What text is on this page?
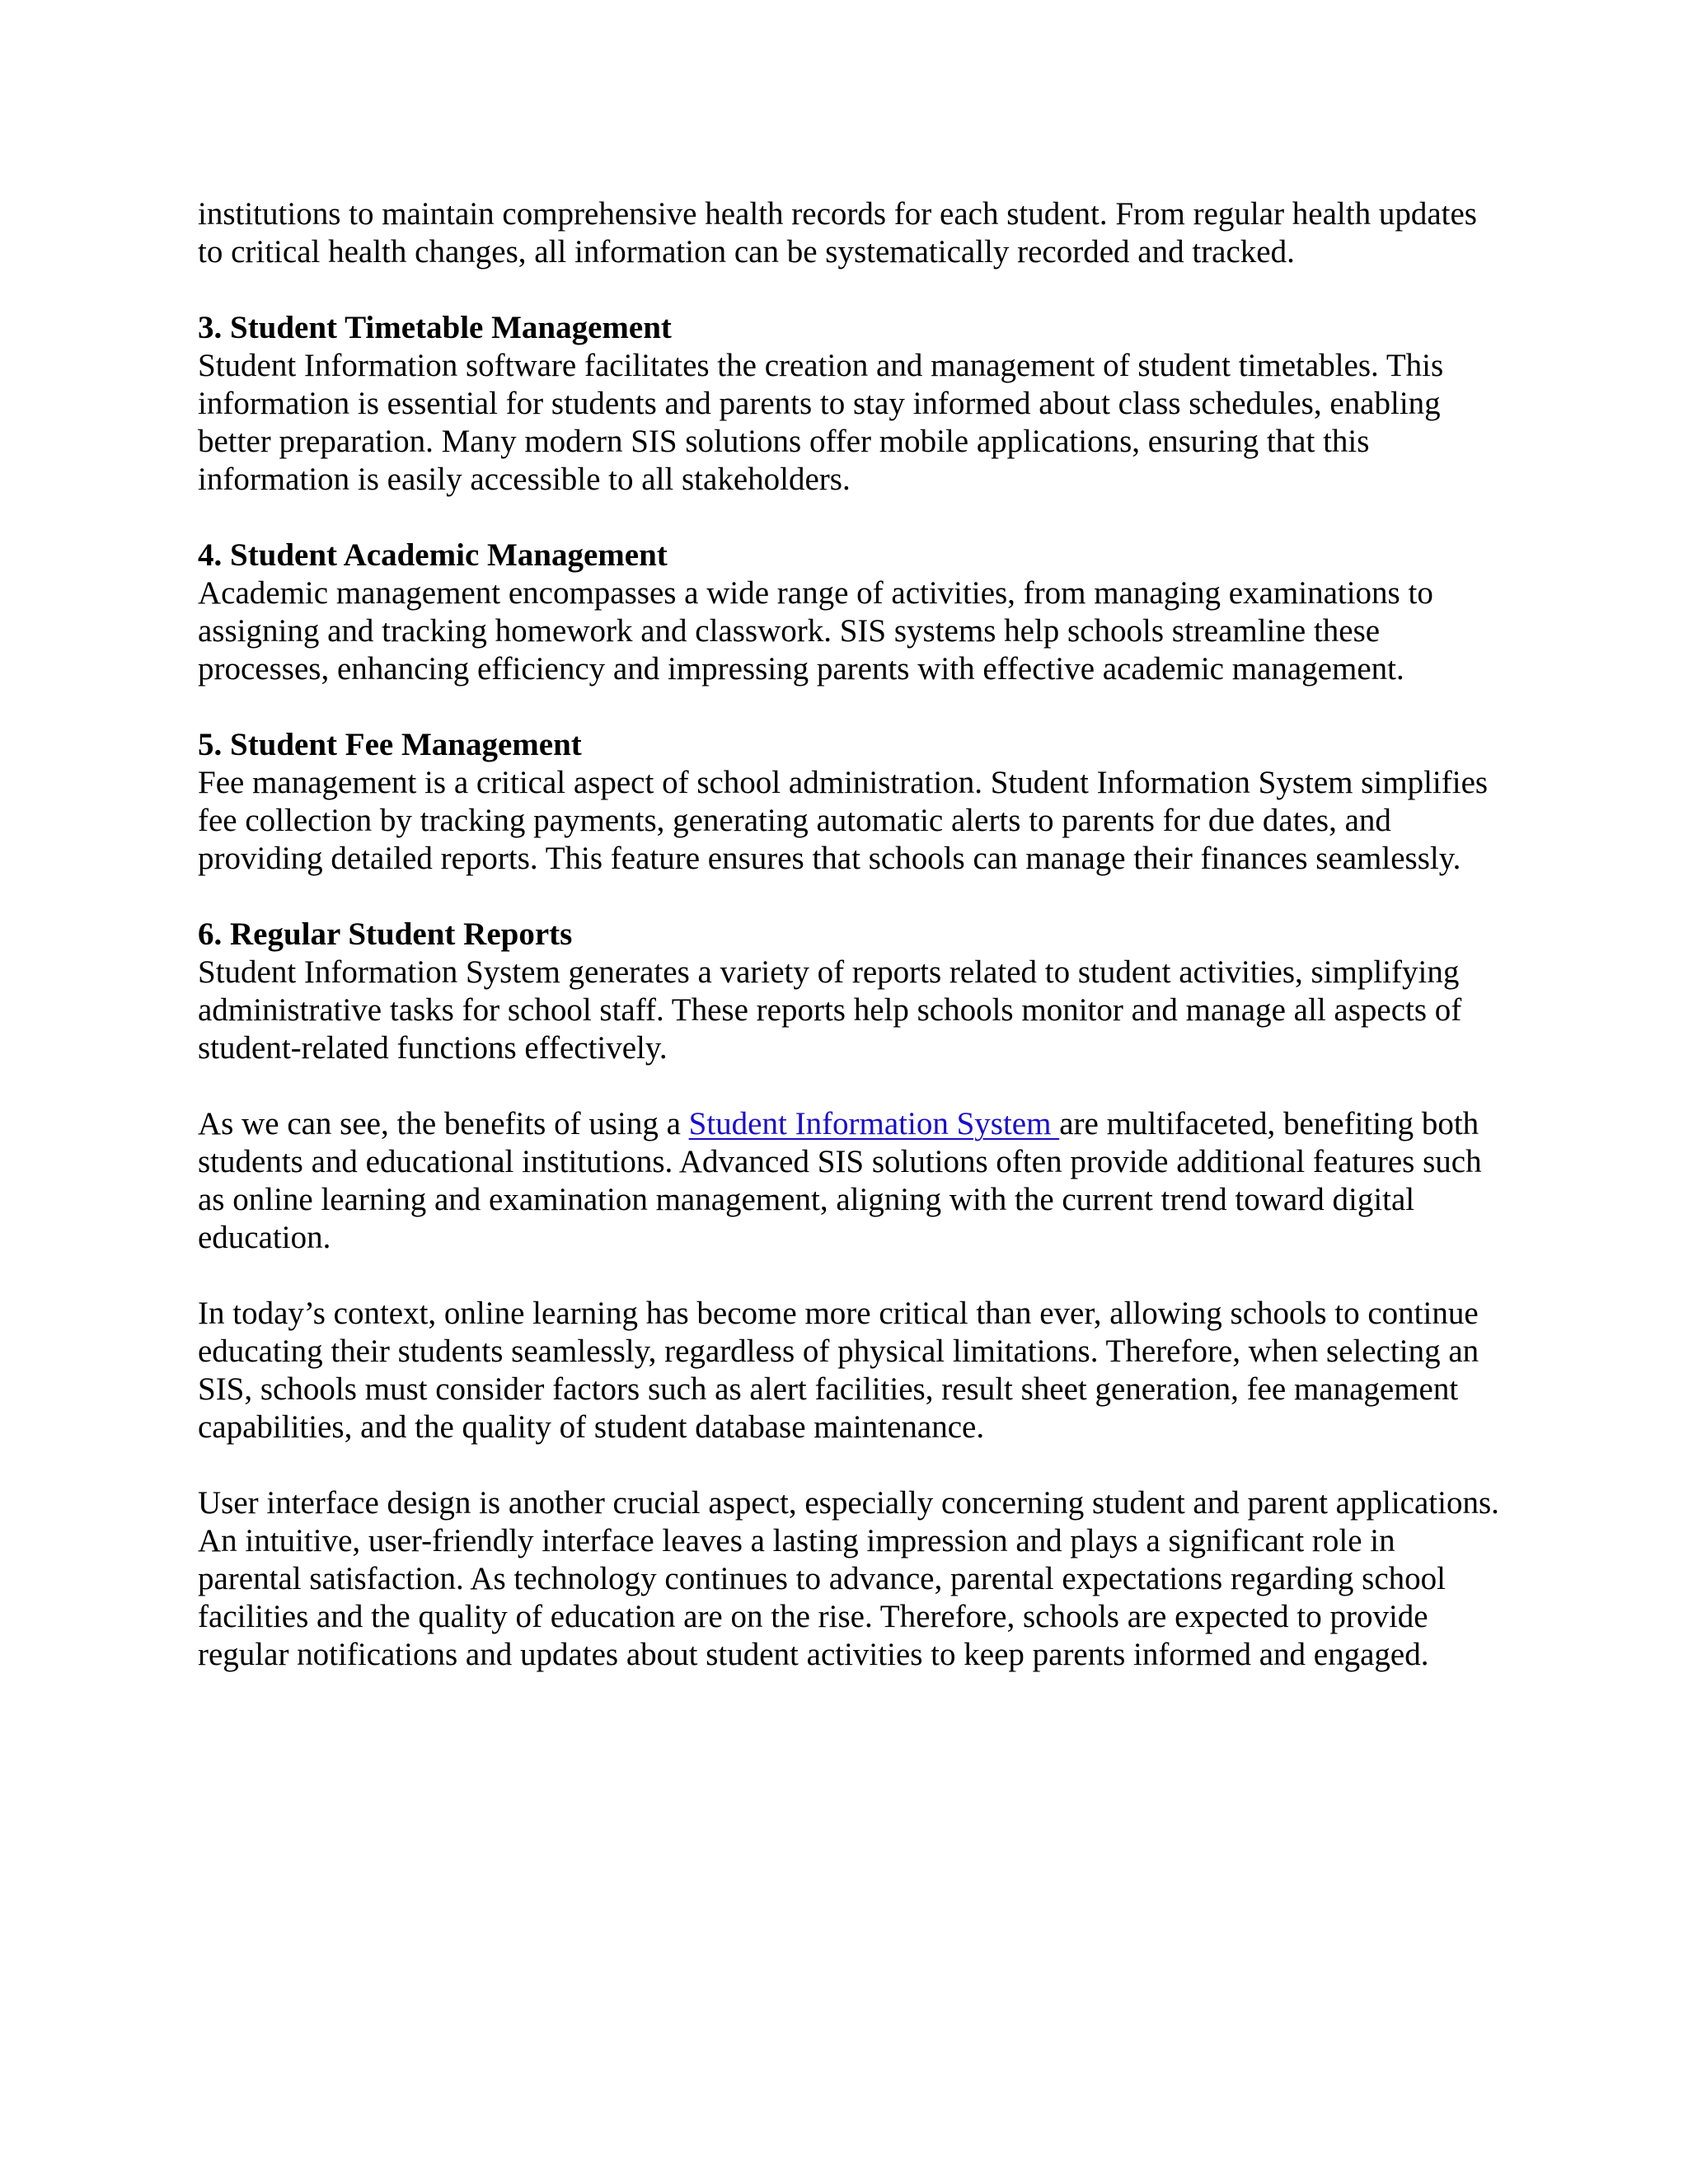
institutions to maintain comprehensive health records for each student. From regular health updates to critical health changes, all information can be systematically recorded and tracked.

3. Student Timetable Management
Student Information software facilitates the creation and management of student timetables. This information is essential for students and parents to stay informed about class schedules, enabling better preparation. Many modern SIS solutions offer mobile applications, ensuring that this information is easily accessible to all stakeholders.
4. Student Academic Management
Academic management encompasses a wide range of activities, from managing examinations to assigning and tracking homework and classwork. SIS systems help schools streamline these processes, enhancing efficiency and impressing parents with effective academic management.
5. Student Fee Management
Fee management is a critical aspect of school administration. Student Information System simplifies fee collection by tracking payments, generating automatic alerts to parents for due dates, and providing detailed reports. This feature ensures that schools can manage their finances seamlessly.
6. Regular Student Reports
Student Information System generates a variety of reports related to student activities, simplifying administrative tasks for school staff. These reports help schools monitor and manage all aspects of student-related functions effectively.

As we can see, the benefits of using a Student Information System are multifaceted, benefiting both students and educational institutions. Advanced SIS solutions often provide additional features such as online learning and examination management, aligning with the current trend toward digital education.

In today’s context, online learning has become more critical than ever, allowing schools to continue educating their students seamlessly, regardless of physical limitations. Therefore, when selecting an SIS, schools must consider factors such as alert facilities, result sheet generation, fee management capabilities, and the quality of student database maintenance.

User interface design is another crucial aspect, especially concerning student and parent applications. An intuitive, user-friendly interface leaves a lasting impression and plays a significant role in parental satisfaction. As technology continues to advance, parental expectations regarding school facilities and the quality of education are on the rise. Therefore, schools are expected to provide regular notifications and updates about student activities to keep parents informed and engaged.
